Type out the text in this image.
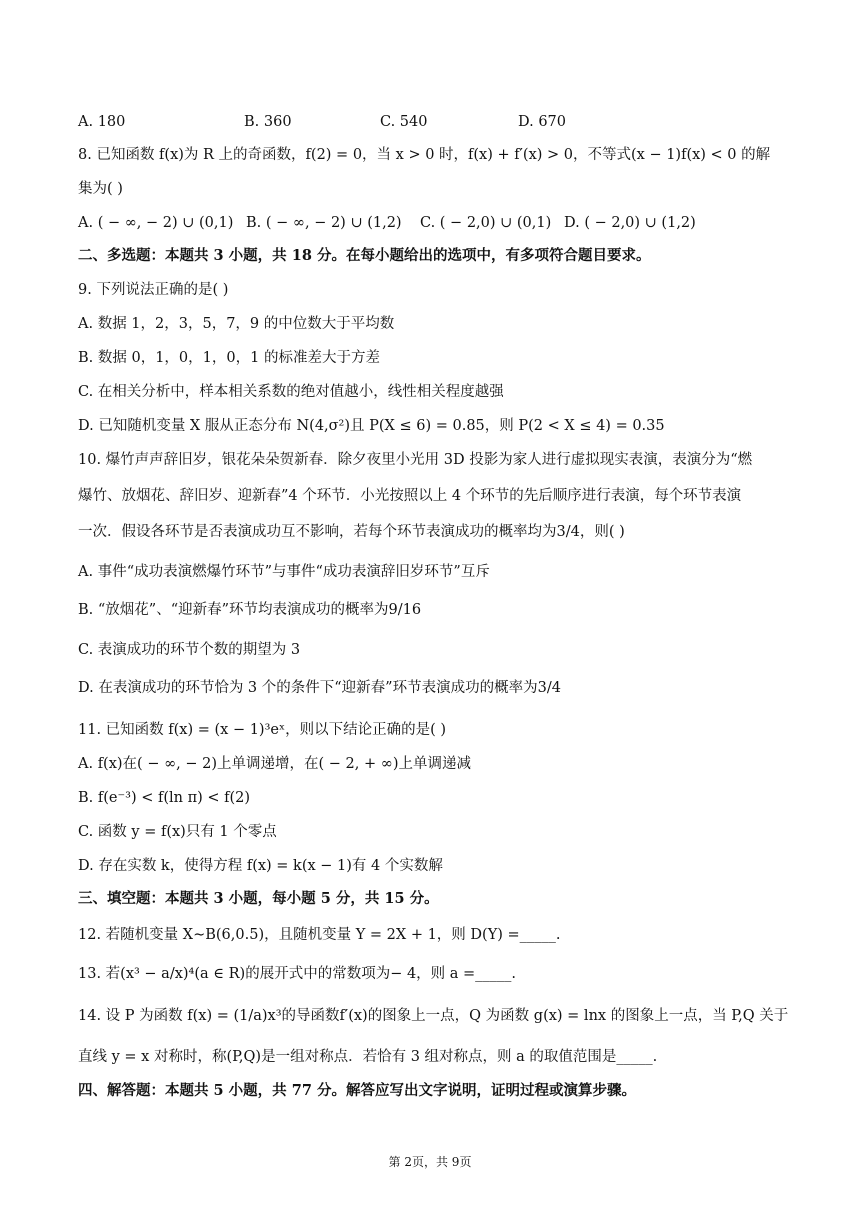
A. 180	B. 360	C. 540	D. 670
8. 已知函数 f(x)为 R 上的奇函数，f(2) = 0，当 x > 0 时，f(x) + f′(x) > 0，不等式(x − 1)f(x) < 0 的解
集为( )
A. ( − ∞, − 2) ∪ (0,1) B. ( − ∞, − 2) ∪ (1,2) C. ( − 2,0) ∪ (0,1) D. ( − 2,0) ∪ (1,2)
二、多选题：本题共 3 小题，共 18 分。在每小题给出的选项中，有多项符合题目要求。
9. 下列说法正确的是( )
A. 数据 1，2，3，5，7，9 的中位数大于平均数
B. 数据 0，1，0，1，0，1 的标准差大于方差
C. 在相关分析中，样本相关系数的绝对值越小，线性相关程度越强
D. 已知随机变量 X 服从正态分布 N(4,σ²)且 P(X ≤ 6) = 0.85，则 P(2 < X ≤ 4) = 0.35
10. 爆竹声声辞旧岁，银花朵朵贺新春．除夕夜里小光用 3D 投影为家人进行虚拟现实表演，表演分为“燃
爆竹、放烟花、辞旧岁、迎新春”4 个环节．小光按照以上 4 个环节的先后顺序进行表演，每个环节表演
一次．假设各环节是否表演成功互不影响，若每个环节表演成功的概率均为3/4，则( )
A. 事件“成功表演燃爆竹环节”与事件“成功表演辞旧岁环节”互斥
B. “放烟花”、“迎新春”环节均表演成功的概率为9/16
C. 表演成功的环节个数的期望为 3
D. 在表演成功的环节恰为 3 个的条件下“迎新春”环节表演成功的概率为3/4
11. 已知函数 f(x) = (x − 1)³eˣ，则以下结论正确的是( )
A. f(x)在( − ∞, − 2)上单调递增，在( − 2, + ∞)上单调递减
B. f(e⁻³) < f(ln π) < f(2)
C. 函数 y = f(x)只有 1 个零点
D. 存在实数 k，使得方程 f(x) = k(x − 1)有 4 个实数解
三、填空题：本题共 3 小题，每小题 5 分，共 15 分。
12. 若随机变量 X∼B(6,0.5)，且随机变量 Y = 2X + 1，则 D(Y) =_____.
13. 若(x³ − a/x)⁴(a ∈ R)的展开式中的常数项为− 4，则 a =_____.
14. 设 P 为函数 f(x) = (1/a)x³的导函数f′(x)的图象上一点，Q 为函数 g(x) = lnx 的图象上一点，当 P,Q 关于
直线 y = x 对称时，称(P,Q)是一组对称点．若恰有 3 组对称点，则 a 的取值范围是_____.
四、解答题：本题共 5 小题，共 77 分。解答应写出文字说明，证明过程或演算步骤。
第 2页，共 9页
